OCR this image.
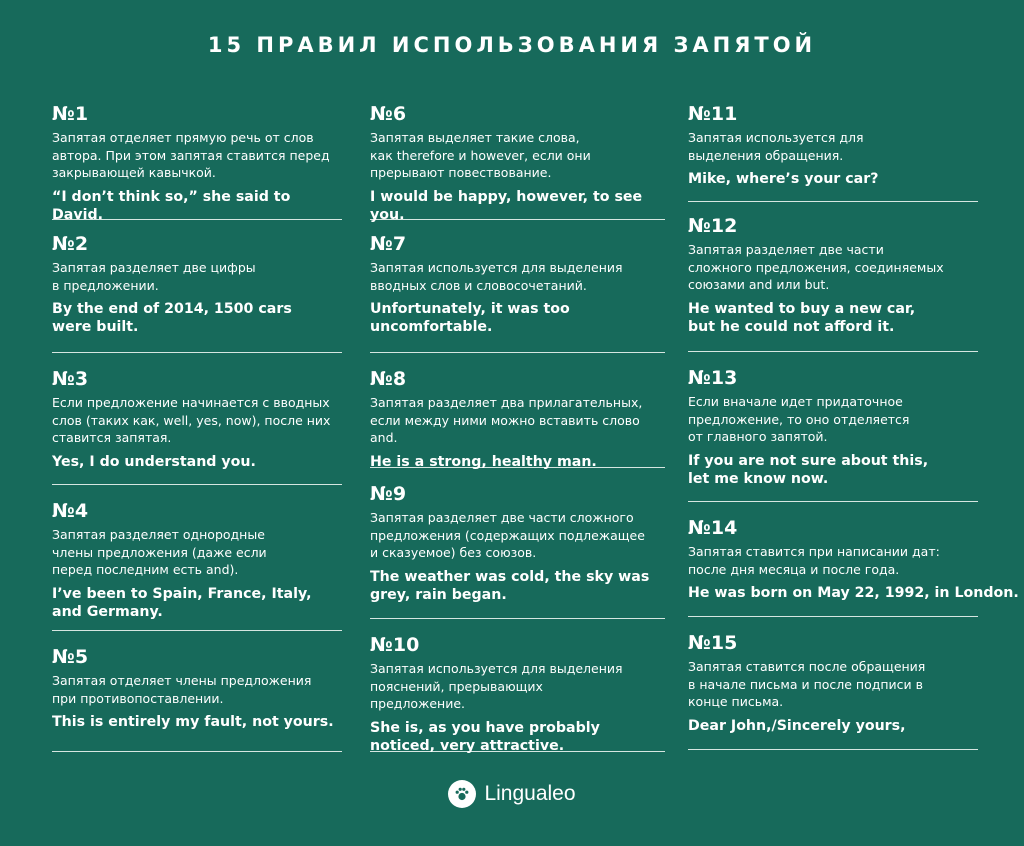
15 ПРАВИЛ ИСПОЛЬЗОВАНИЯ ЗАПЯТОЙ
№1
Запятая отделяет прямую речь от слов автора. При этом запятая ставится перед закрывающей кавычкой.
“I don’t think so,” she said to David.
№2
Запятая разделяет две цифры в предложении.
By the end of 2014, 1500 cars were built.
№3
Если предложение начинается с вводных слов (таких как, well, yes, now), после них ставится запятая.
Yes, I do understand you.
№4
Запятая разделяет однородные члены предложения (даже если перед последним есть and).
I’ve been to Spain, France, Italy, and Germany.
№5
Запятая отделяет члены предложения при противопоставлении.
This is entirely my fault, not yours.
№6
Запятая выделяет такие слова, как therefore и however, если они прерывают повествование.
I would be happy, however, to see you.
№7
Запятая используется для выделения вводных слов и словосочетаний.
Unfortunately, it was too uncomfortable.
№8
Запятая разделяет два прилагательных, если между ними можно вставить слово and.
He is a strong, healthy man.
№9
Запятая разделяет две части сложного предложения (содержащих подлежащее и сказуемое) без союзов.
The weather was cold, the sky was grey, rain began.
№10
Запятая используется для выделения пояснений, прерывающих предложение.
She is, as you have probably noticed, very attractive.
№11
Запятая используется для выделения обращения.
Mike, where’s your car?
№12
Запятая разделяет две части сложного предложения, соединяемых союзами and или but.
He wanted to buy a new car, but he could not afford it.
№13
Если вначале идет придаточное предложение, то оно отделяется от главного запятой.
If you are not sure about this, let me know now.
№14
Запятая ставится при написании дат: после дня месяца и после года.
He was born on May 22, 1992, in London.
№15
Запятая ставится после обращения в начале письма и после подписи в конце письма.
Dear John,/Sincerely yours,
Lingualeo
